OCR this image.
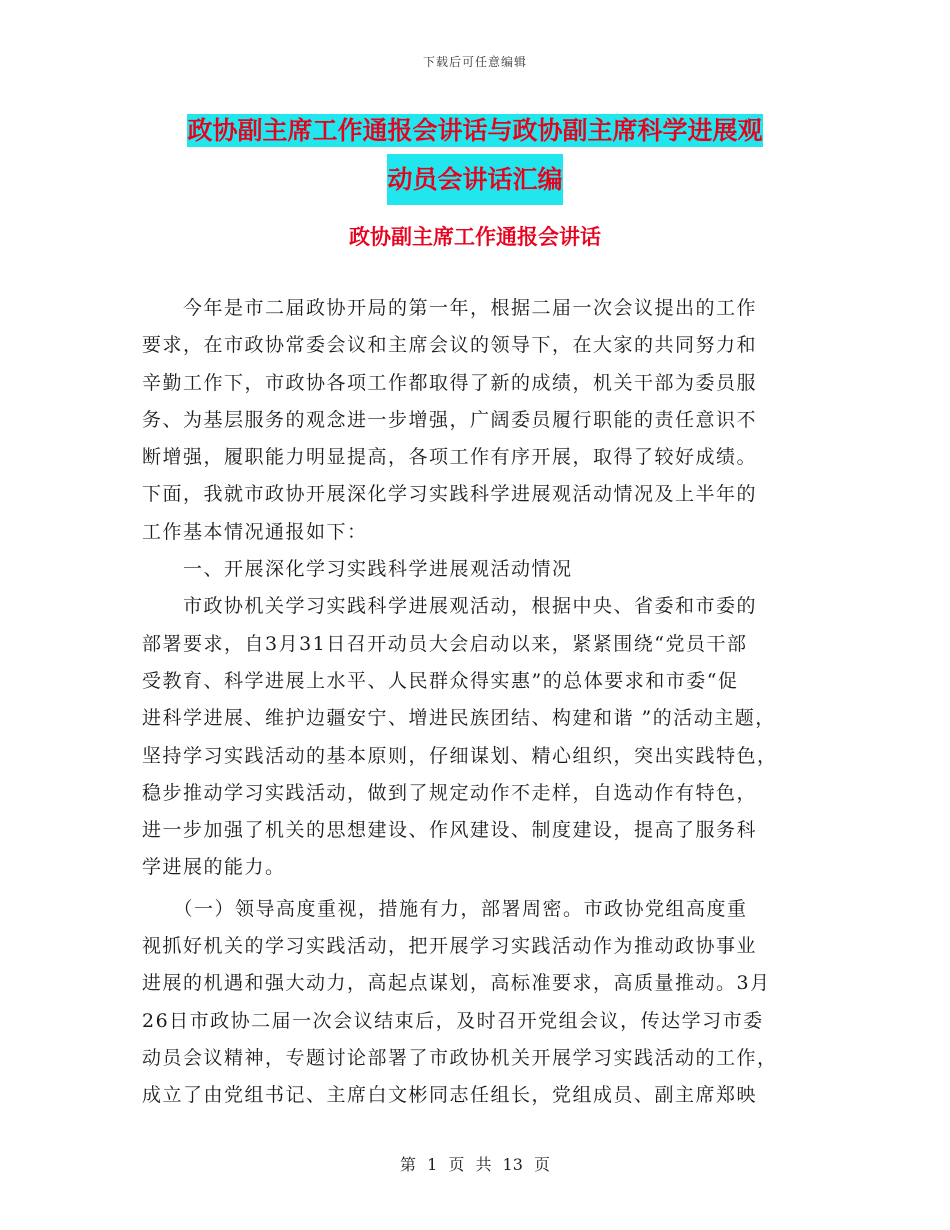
下载后可任意编辑
政协副主席工作通报会讲话与政协副主席科学进展观
动员会讲话汇编
政协副主席工作通报会讲话
　　今年是市二届政协开局的第一年，根据二届一次会议提出的工作
要求，在市政协常委会议和主席会议的领导下，在大家的共同努力和
辛勤工作下，市政协各项工作都取得了新的成绩，机关干部为委员服
务、为基层服务的观念进一步增强，广阔委员履行职能的责任意识不
断增强，履职能力明显提高，各项工作有序开展，取得了较好成绩。
下面，我就市政协开展深化学习实践科学进展观活动情况及上半年的
工作基本情况通报如下：
　　一、开展深化学习实践科学进展观活动情况
　　市政协机关学习实践科学进展观活动，根据中央、省委和市委的
部署要求，自3月31日召开动员大会启动以来，紧紧围绕“党员干部
受教育、科学进展上水平、人民群众得实惠”的总体要求和市委“促
进科学进展、维护边疆安宁、增进民族团结、构建和谐 ”的活动主题，
坚持学习实践活动的基本原则，仔细谋划、精心组织，突出实践特色，
稳步推动学习实践活动，做到了规定动作不走样，自选动作有特色，
进一步加强了机关的思想建设、作风建设、制度建设，提高了服务科
学进展的能力。
　　（一）领导高度重视，措施有力，部署周密。市政协党组高度重
视抓好机关的学习实践活动，把开展学习实践活动作为推动政协事业
进展的机遇和强大动力，高起点谋划，高标准要求，高质量推动。3月
26日市政协二届一次会议结束后，及时召开党组会议，传达学习市委
动员会议精神，专题讨论部署了市政协机关开展学习实践活动的工作，
成立了由党组书记、主席白文彬同志任组长，党组成员、副主席郑映
第 1 页 共 13 页
